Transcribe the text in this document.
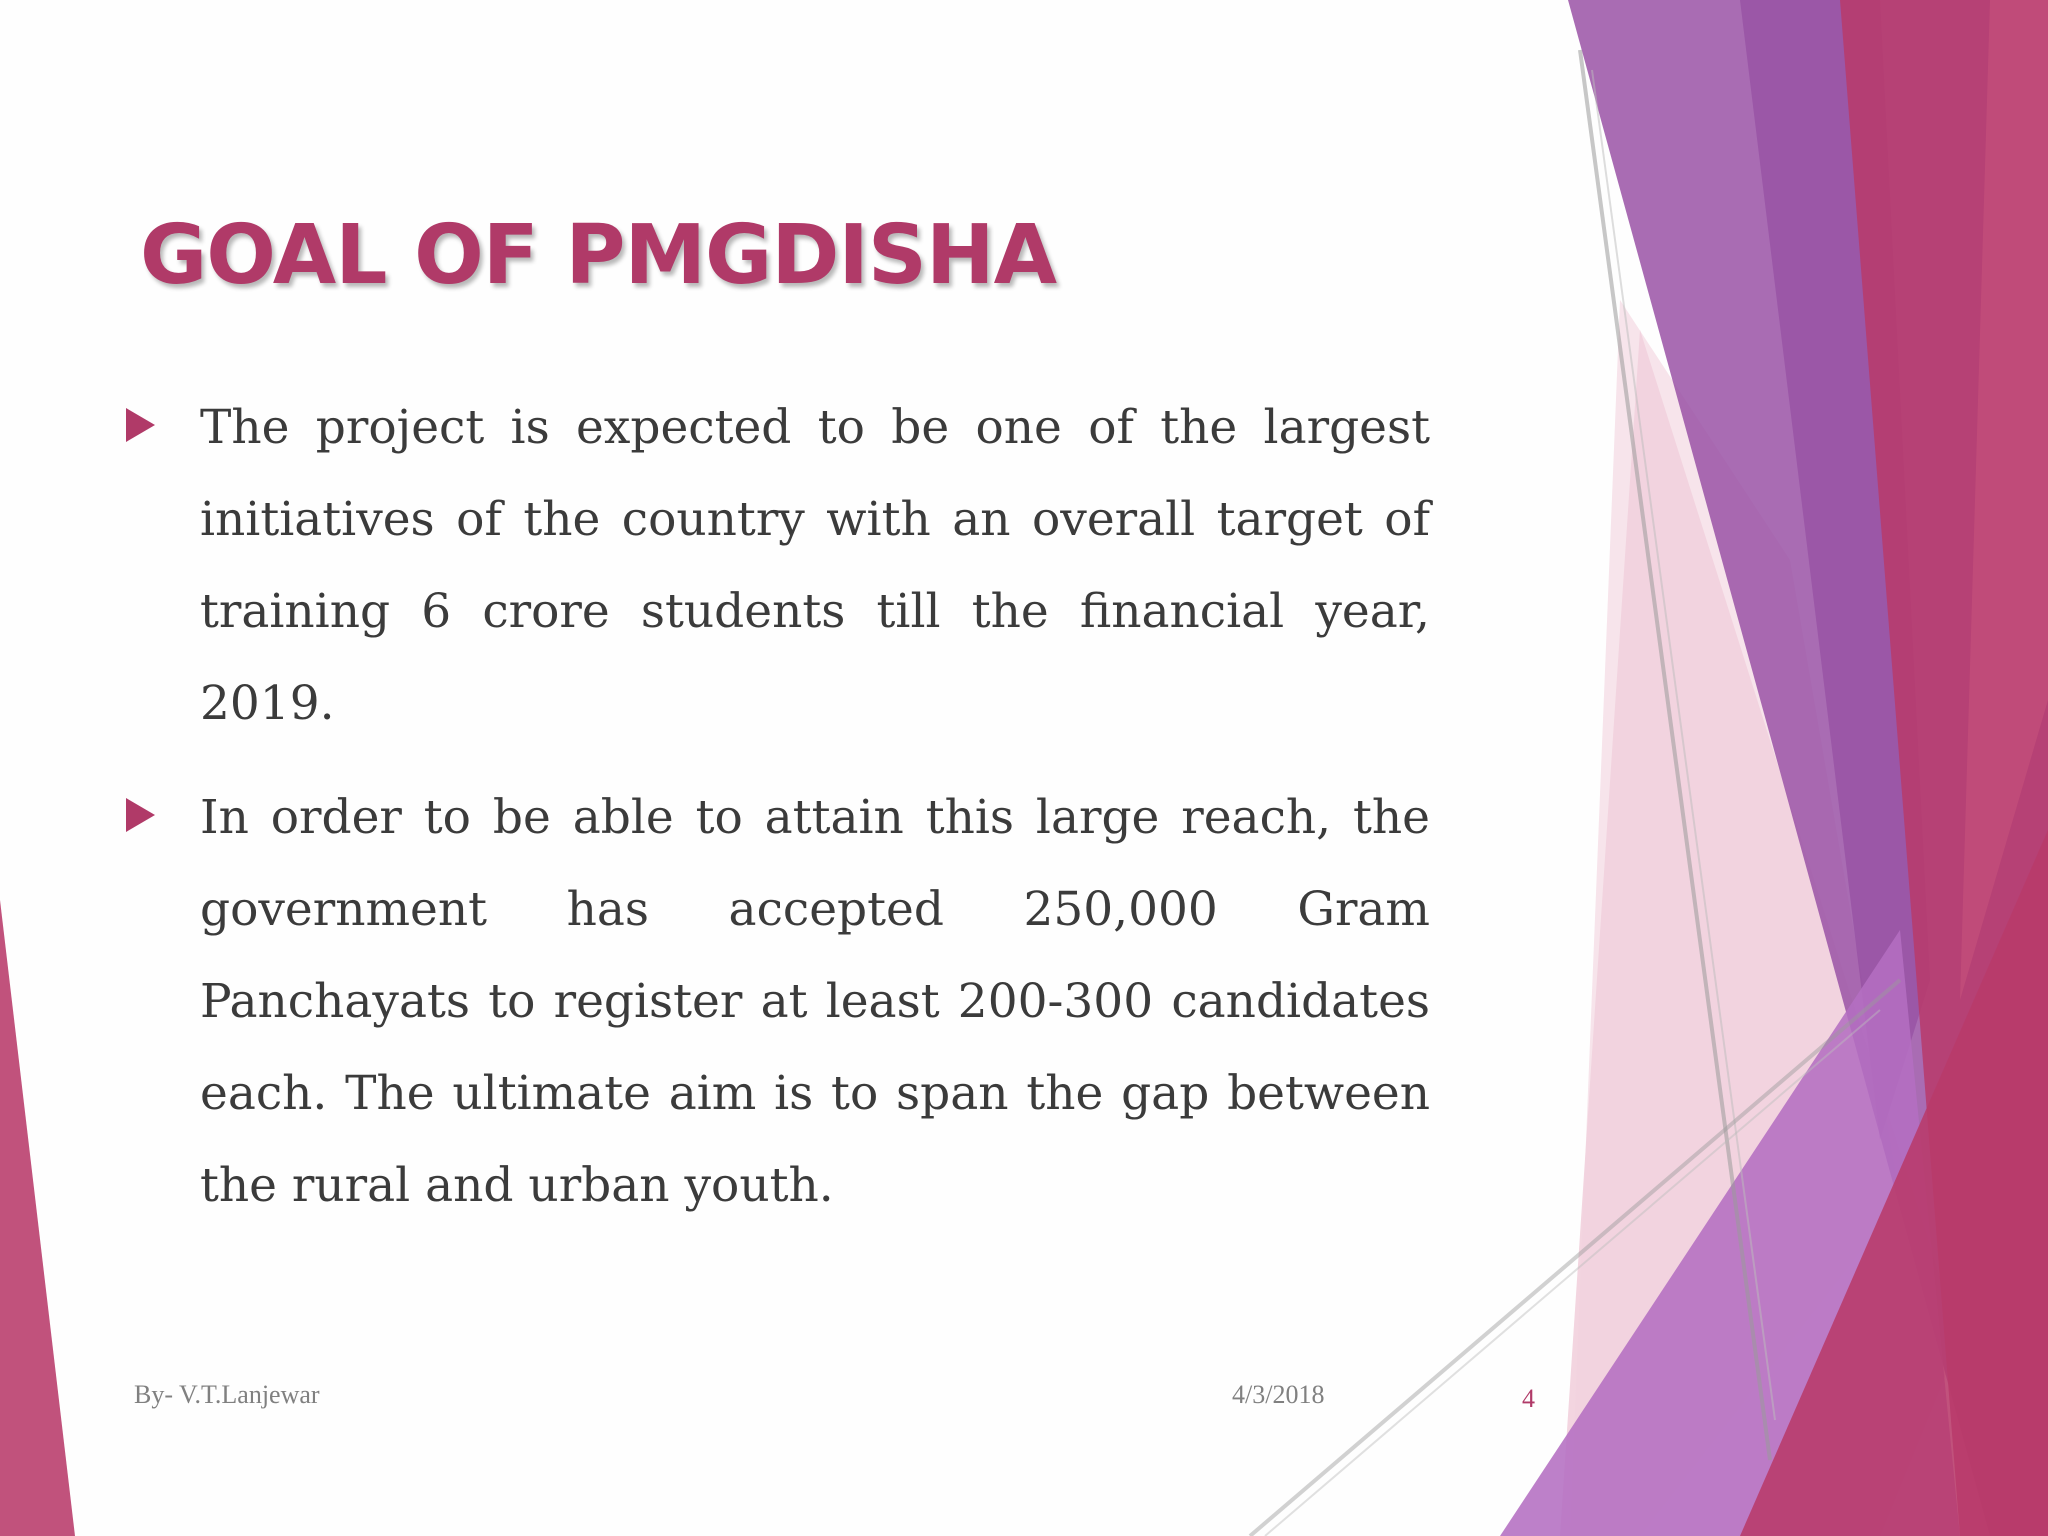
GOAL OF PMGDISHA
The project is expected to be one of the largest initiatives of the country with an overall target of training 6 crore students till the financial year, 2019.
In order to be able to attain this large reach, the government has accepted 250,000 Gram Panchayats to register at least 200-300 candidates each. The ultimate aim is to span the gap between the rural and urban youth.
By- V.T.Lanjewar	4/3/2018	4
